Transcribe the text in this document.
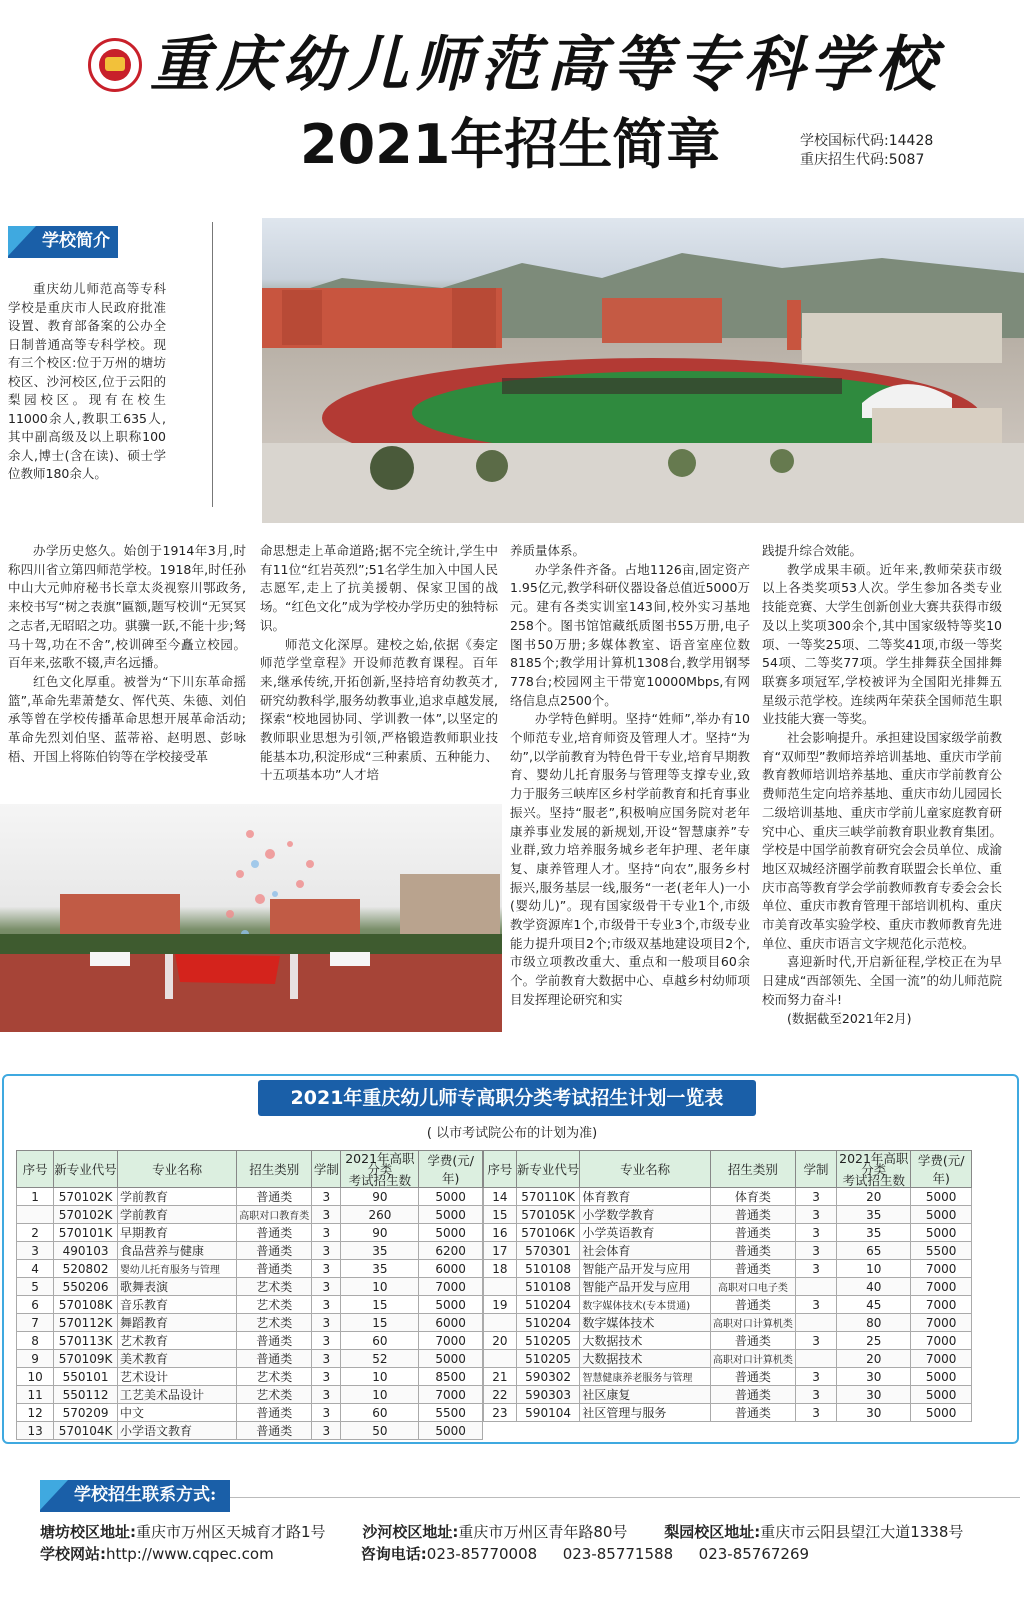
重庆幼儿师范高等专科学校
2021年招生简章	学校国标代码:14428
重庆招生代码:5087
学校简介

重庆幼儿师范高等专科学校是重庆市人民政府批准设置、教育部备案的公办全日制普通高等专科学校。现有三个校区:位于万州的塘坊校区、沙河校区,位于云阳的梨园校区。现有在校生11000余人,教职工635人,其中副高级及以上职称100余人,博士(含在读)、硕士学位教师180余人。

办学历史悠久。始创于1914年3月,时称四川省立第四师范学校。1918年,时任孙中山大元帅府秘书长章太炎视察川鄂政务,来校书写“树之表旗”匾额,题写校训“无冥冥之志者,无昭昭之功。骐骥一跃,不能十步;驽马十驾,功在不舍”,校训碑至今矗立校园。百年来,弦歌不辍,声名远播。

红色文化厚重。被誉为“下川东革命摇篮”,革命先辈萧楚女、恽代英、朱德、刘伯承等曾在学校传播革命思想开展革命活动;革命先烈刘伯坚、蓝蒂裕、赵明恩、彭咏梧、开国上将陈伯钧等在学校接受革

命思想走上革命道路;据不完全统计,学生中有11位“红岩英烈”;51名学生加入中国人民志愿军,走上了抗美援朝、保家卫国的战场。“红色文化”成为学校办学历史的独特标识。

师范文化深厚。建校之始,依据《奏定师范学堂章程》开设师范教育课程。百年来,继承传统,开拓创新,坚持培育幼教英才,研究幼教科学,服务幼教事业,追求卓越发展,探索“校地园协同、学训教一体”,以坚定的教师职业思想为引领,严格锻造教师职业技能基本功,积淀形成“三种素质、五种能力、十五项基本功”人才培

养质量体系。

办学条件齐备。占地1126亩,固定资产1.95亿元,教学科研仪器设备总值近5000万元。建有各类实训室143间,校外实习基地258个。图书馆馆藏纸质图书55万册,电子图书50万册;多媒体教室、语音室座位数8185个;教学用计算机1308台,教学用钢琴778台;校园网主干带宽10000Mbps,有网络信息点2500个。

办学特色鲜明。坚持“姓师”,举办有10个师范专业,培育师资及管理人才。坚持“为幼”,以学前教育为特色骨干专业,培育早期教育、婴幼儿托育服务与管理等支撑专业,致力于服务三峡库区乡村学前教育和托育事业振兴。坚持“服老”,积极响应国务院对老年康养事业发展的新规划,开设“智慧康养”专业群,致力培养服务城乡老年护理、老年康复、康养管理人才。坚持“向农”,服务乡村振兴,服务基层一线,服务“一老(老年人)一小(婴幼儿)”。现有国家级骨干专业1个,市级教学资源库1个,市级骨干专业3个,市级专业能力提升项目2个;市级双基地建设项目2个,市级立项教改重大、重点和一般项目60余个。学前教育大数据中心、卓越乡村幼师项目发挥理论研究和实

践提升综合效能。

教学成果丰硕。近年来,教师荣获市级以上各类奖项53人次。学生参加各类专业技能竞赛、大学生创新创业大赛共获得市级及以上奖项300余个,其中国家级特等奖10项、一等奖25项、二等奖41项,市级一等奖54项、二等奖77项。学生排舞获全国排舞联赛多项冠军,学校被评为全国阳光排舞五星级示范学校。连续两年荣获全国师范生职业技能大赛一等奖。

社会影响提升。承担建设国家级学前教育“双师型”教师培养培训基地、重庆市学前教育教师培训培养基地、重庆市学前教育公费师范生定向培养基地、重庆市幼儿园园长二级培训基地、重庆市学前儿童家庭教育研究中心、重庆三峡学前教育职业教育集团。学校是中国学前教育研究会会员单位、成渝地区双城经济圈学前教育联盟会长单位、重庆市高等教育学会学前教师教育专委会会长单位、重庆市教育管理干部培训机构、重庆市美育改革实验学校、重庆市教师教育先进单位、重庆市语言文字规范化示范校。

喜迎新时代,开启新征程,学校正在为早日建成“西部领先、全国一流”的幼儿师范院校而努力奋斗!

(数据截至2021年2月)

2021年重庆幼儿师专高职分类考试招生计划一览表
( 以市考试院公布的计划为准)
序号	新专业代号	专业名称	招生类别	学制	2021年高职分类
考试招生数	学费(元/年)
1	570102K	学前教育	普通类	3	90	5000
	570102K	学前教育	高职对口教育类	3	260	5000
2	570101K	早期教育	普通类	3	90	5000
3	490103	食品营养与健康	普通类	3	35	6200
4	520802	婴幼儿托育服务与管理	普通类	3	35	6000
5	550206	歌舞表演	艺术类	3	10	7000
6	570108K	音乐教育	艺术类	3	15	5000
7	570112K	舞蹈教育	艺术类	3	15	6000
8	570113K	艺术教育	普通类	3	60	7000
9	570109K	美术教育	普通类	3	52	5000
10	550101	艺术设计	艺术类	3	10	8500
11	550112	工艺美术品设计	艺术类	3	10	7000
12	570209	中文	普通类	3	60	5500
13	570104K	小学语文教育	普通类	3	50	5000
序号	新专业代号	专业名称	招生类别	学制	2021年高职分类
考试招生数	学费(元/年)
14	570110K	体育教育	体育类	3	20	5000
15	570105K	小学数学教育	普通类	3	35	5000
16	570106K	小学英语教育	普通类	3	35	5000
17	570301	社会体育	普通类	3	65	5500
18	510108	智能产品开发与应用	普通类	3	10	7000
	510108	智能产品开发与应用	高职对口电子类		40	7000
19	510204	数字媒体技术(专本贯通)	普通类	3	45	7000
	510204	数字媒体技术	高职对口计算机类		80	7000
20	510205	大数据技术	普通类	3	25	7000
	510205	大数据技术	高职对口计算机类		20	7000
21	590302	智慧健康养老服务与管理	普通类	3	30	5000
22	590303	社区康复	普通类	3	30	5000
23	590104	社区管理与服务	普通类	3	30	5000
学校招生联系方式:
塘坊校区地址:重庆市万州区天城育才路1号 沙河校区地址:重庆市万州区青年路80号 梨园校区地址:重庆市云阳县望江大道1338号
学校网站:http://www.cqpec.com	咨询电话:023-85770008 023-85771588 023-85767269
